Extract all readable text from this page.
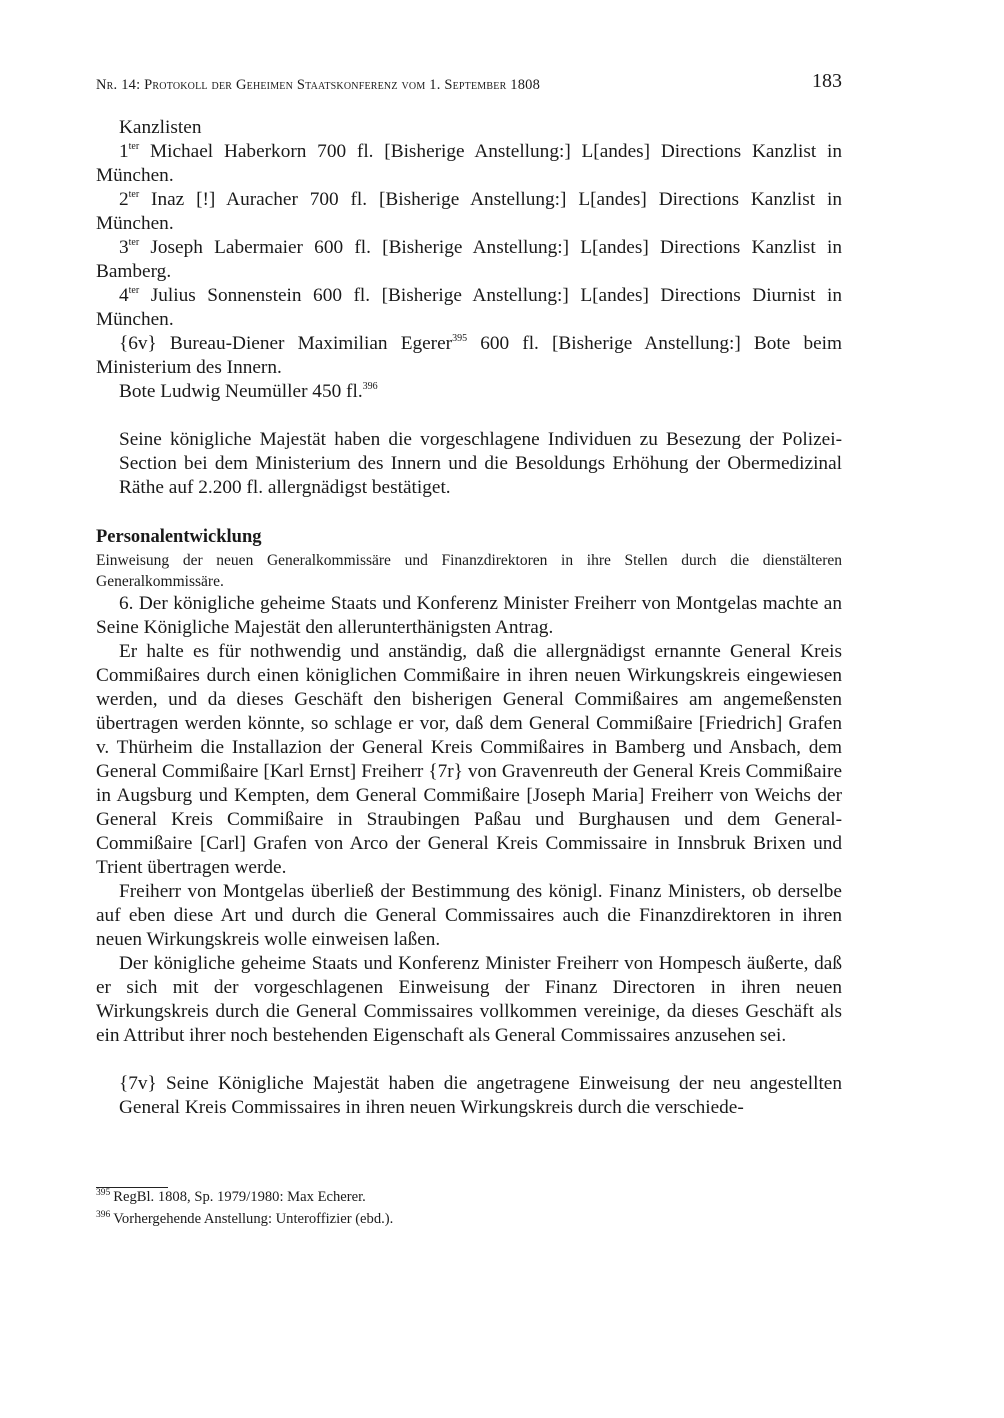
Nr. 14: Protokoll der Geheimen Staatskonferenz vom 1. September 1808	183

Kanzlisten

$1^{ter}$ Michael Haberkorn 700 fl. [Bisherige Anstellung:] L[andes] Directions Kanzlist in München.

$2^{ter}$ Inaz [!] Auracher 700 fl. [Bisherige Anstellung:] L[andes] Directions Kanzlist in München.

$3^{ter}$ Joseph Labermaier 600 fl. [Bisherige Anstellung:] L[andes] Directions Kanzlist in Bamberg.

$4^{ter}$ Julius Sonnenstein 600 fl. [Bisherige Anstellung:] L[andes] Directions Diurnist in München.

{6v} Bureau-Diener Maximilian Egerer$^{395}$ 600 fl. [Bisherige Anstellung:] Bote beim Ministerium des Innern.

Bote Ludwig Neumüller 450 fl.$^{396}$

Seine königliche Majestät haben die vorgeschlagene Individuen zu Besezung der Polizei-Section bei dem Ministerium des Innern und die Besoldungs Erhöhung der Obermedizinal Räthe auf 2.200 fl. allergnädigst bestätiget.

Personalentwicklung

Einweisung der neuen Generalkommissäre und Finanzdirektoren in ihre Stellen durch die dienstälteren Generalkommissäre.

6. Der königliche geheime Staats und Konferenz Minister Freiherr von Montgelas machte an Seine Königliche Majestät den allerunterthänigsten Antrag.

Er halte es für nothwendig und anständig, daß die allergnädigst ernannte General Kreis Commißaires durch einen königlichen Commißaire in ihren neuen Wirkungskreis eingewiesen werden, und da dieses Geschäft den bisherigen General Commißaires am angemeßensten übertragen werden könnte, so schlage er vor, daß dem General Commißaire [Friedrich] Grafen v. Thürheim die Installazion der General Kreis Commißaires in Bamberg und Ansbach, dem General Commißaire [Karl Ernst] Freiherr {7r} von Gravenreuth der General Kreis Commißaire in Augsburg und Kempten, dem General Commißaire [Joseph Maria] Freiherr von Weichs der General Kreis Commißaire in Straubingen Paßau und Burghausen und dem General-Commißaire [Carl] Grafen von Arco der General Kreis Commissaire in Innsbruk Brixen und Trient übertragen werde.

Freiherr von Montgelas überließ der Bestimmung des königl. Finanz Ministers, ob derselbe auf eben diese Art und durch die General Commissaires auch die Finanzdirektoren in ihren neuen Wirkungskreis wolle einweisen laßen.

Der königliche geheime Staats und Konferenz Minister Freiherr von Hompesch äußerte, daß er sich mit der vorgeschlagenen Einweisung der Finanz Directoren in ihren neuen Wirkungskreis durch die General Commissaires vollkommen vereinige, da dieses Geschäft als ein Attribut ihrer noch bestehenden Eigenschaft als General Commissaires anzusehen sei.

{7v} Seine Königliche Majestät haben die angetragene Einweisung der neu angestellten General Kreis Commissaires in ihren neuen Wirkungskreis durch die verschiede-

$^{395}$ RegBl. 1808, Sp. 1979/1980: Max Echerer.

$^{396}$ Vorhergehende Anstellung: Unteroffizier (ebd.).
